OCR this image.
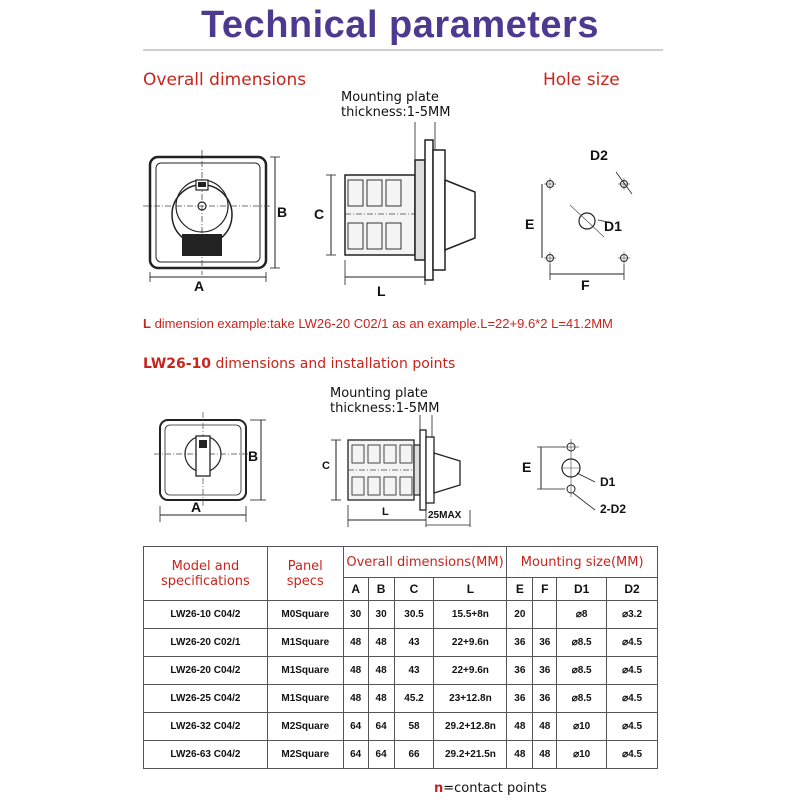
Technical parameters
Overall dimensions	Hole size
A
B
Mounting plate
thickness:1-5MM
C
L
D2
D1
E
F
L dimension example:take LW26-20 C02/1 as an example.L=22+9.6*2 L=41.2MM
LW26-10 dimensions and installation points
A
B
Mounting plate
thickness:1-5MM
C
L	25MAX
E
D1
2-D2
Model and specifications	Panel specs	Overall dimensions(MM)				Mounting size(MM)			
		A	B	C	L	E	F	D1	D2
LW26-10 C04/2	M0Square	30	30	30.5	15.5+8n	20		⌀8	⌀3.2
LW26-20 C02/1	M1Square	48	48	43	22+9.6n	36	36	⌀8.5	⌀4.5
LW26-20 C04/2	M1Square	48	48	43	22+9.6n	36	36	⌀8.5	⌀4.5
LW26-25 C04/2	M1Square	48	48	45.2	23+12.8n	36	36	⌀8.5	⌀4.5
LW26-32 C04/2	M2Square	64	64	58	29.2+12.8n	48	48	⌀10	⌀4.5
LW26-63 C04/2	M2Square	64	64	66	29.2+21.5n	48	48	⌀10	⌀4.5
n=contact points
